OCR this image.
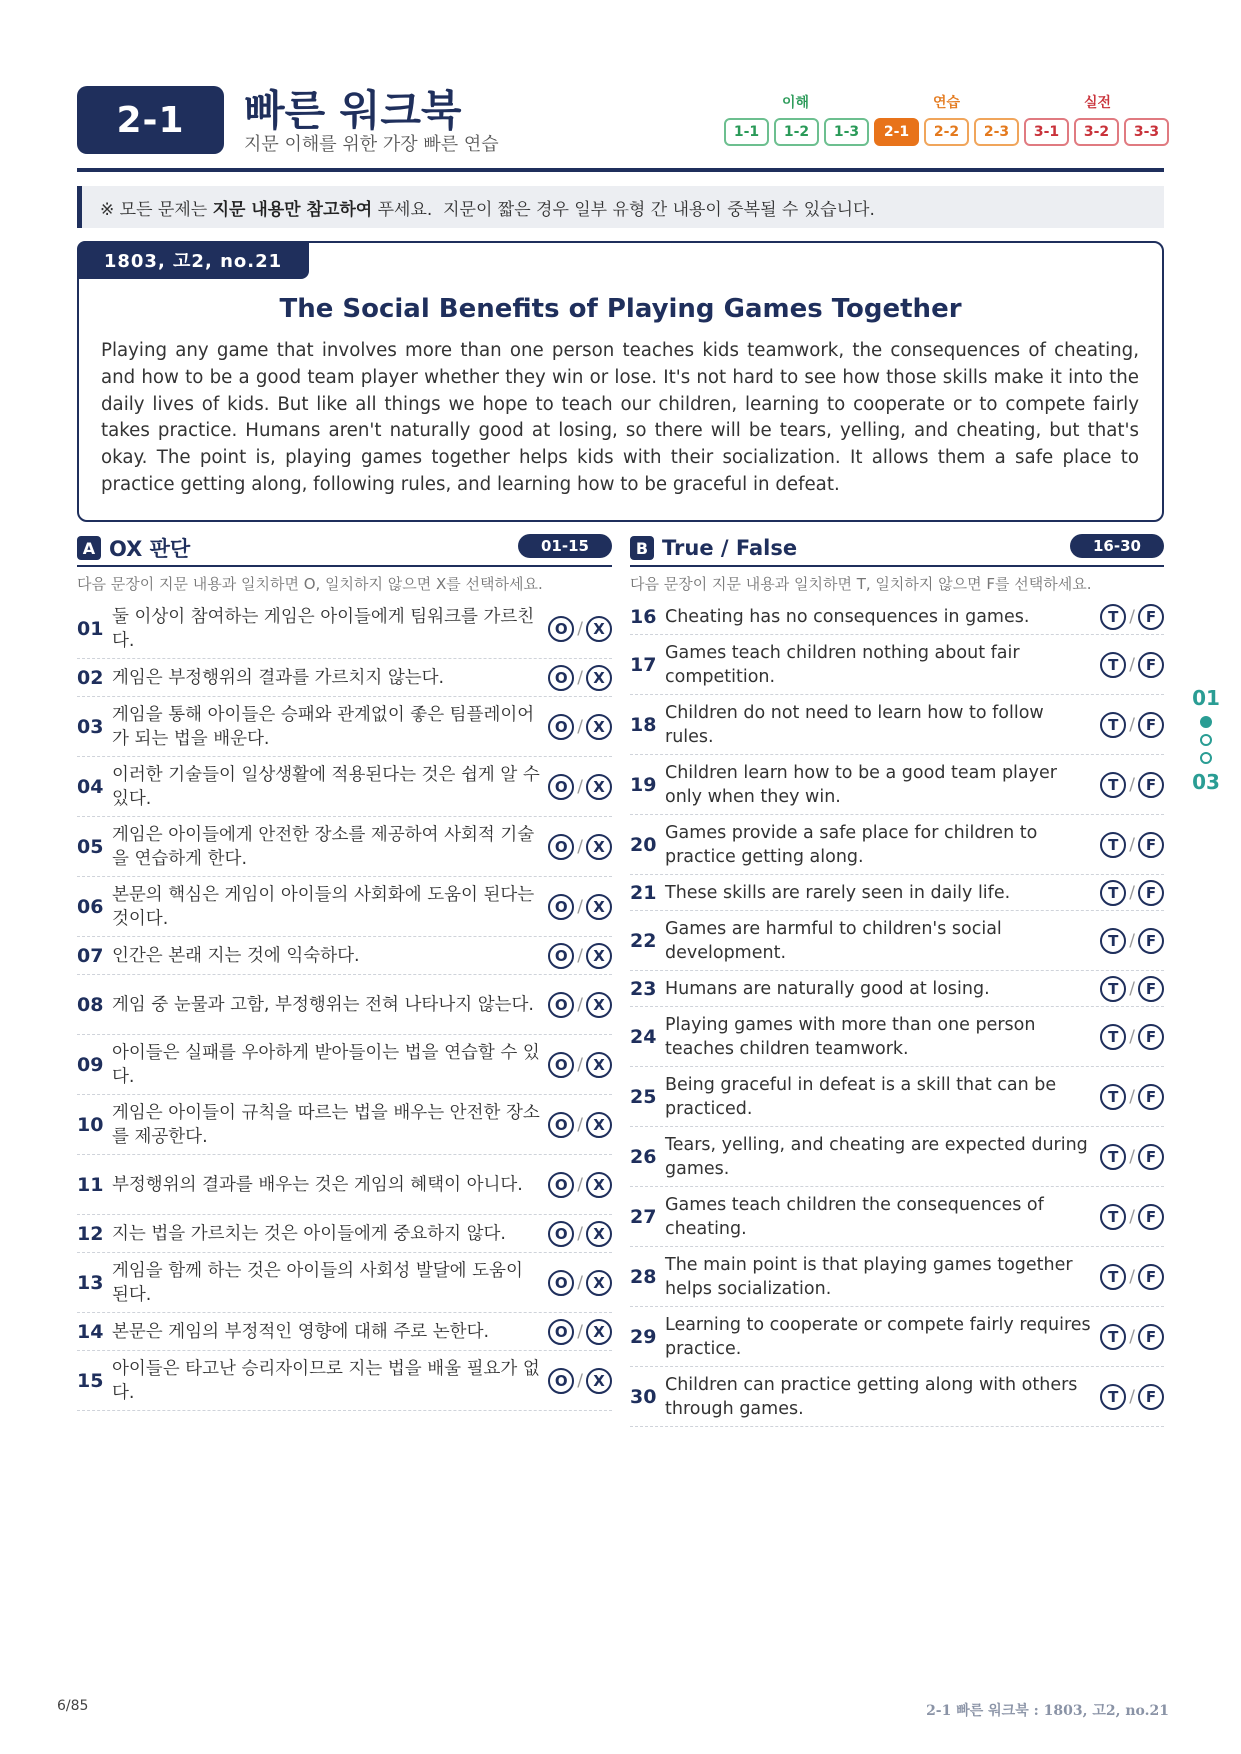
2-1	빠른 워크북
지문 이해를 위한 가장 빠른 연습
이해	연습	실전
1-1	1-2	1-3	2-1	2-2	2-3	3-1	3-2	3-3
※ 모든 문제는 지문 내용만 참고하여 푸세요.  지문이 짧은 경우 일부 유형 간 내용이 중복될 수 있습니다.
1803, 고2, no.21
The Social Benefits of Playing Games Together
Playing any game that involves more than one person teaches kids teamwork, the consequences of cheating, and how to be a good team player whether they win or lose. It's not hard to see how those skills make it into the daily lives of kids. But like all things we hope to teach our children, learning to cooperate or to compete fairly takes practice. Humans aren't naturally good at losing, so there will be tears, yelling, and cheating, but that's okay. The point is, playing games together helps kids with their socialization. It allows them a safe place to practice getting along, following rules, and learning how to be graceful in defeat.
A OX 판단	01-15
다음 문장이 지문 내용과 일치하면 O, 일치하지 않으면 X를 선택하세요.
B True / False	16-30
다음 문장이 지문 내용과 일치하면 T, 일치하지 않으면 F를 선택하세요.
01
둘 이상이 참여하는 게임은 아이들에게 팀워크를 가르친다.
O / X
02 게임은 부정행위의 결과를 가르치지 않는다.	O / X
03
게임을 통해 아이들은 승패와 관계없이 좋은 팀플레이어가 되는 법을 배운다.
O / X
04
이러한 기술들이 일상생활에 적용된다는 것은 쉽게 알 수 있다.
O / X
05
게임은 아이들에게 안전한 장소를 제공하여 사회적 기술을 연습하게 한다.
O / X
06
본문의 핵심은 게임이 아이들의 사회화에 도움이 된다는 것이다.
O / X
07 인간은 본래 지는 것에 익숙하다.	O / X
08 게임 중 눈물과 고함, 부정행위는 전혀 나타나지 않는다.	O / X
09
아이들은 실패를 우아하게 받아들이는 법을 연습할 수 있다.
O / X
10
게임은 아이들이 규칙을 따르는 법을 배우는 안전한 장소를 제공한다.
O / X
11 부정행위의 결과를 배우는 것은 게임의 혜택이 아니다.	O / X
12 지는 법을 가르치는 것은 아이들에게 중요하지 않다.	O / X
13
게임을 함께 하는 것은 아이들의 사회성 발달에 도움이 된다.
O / X
14 본문은 게임의 부정적인 영향에 대해 주로 논한다.	O / X
15
아이들은 타고난 승리자이므로 지는 법을 배울 필요가 없다.
O / X
16 Cheating has no consequences in games.	T / F
17
Games teach children nothing about fair competition.
T / F
18
Children do not need to learn how to follow rules.
T / F
19
Children learn how to be a good team player only when they win.
T / F
20
Games provide a safe place for children to practice getting along.
T / F
21 These skills are rarely seen in daily life.	T / F
22
Games are harmful to children's social development.
T / F
23 Humans are naturally good at losing.	T / F
24
Playing games with more than one person teaches children teamwork.
T / F
25
Being graceful in defeat is a skill that can be practiced.
T / F
26
Tears, yelling, and cheating are expected during games.
T / F
27
Games teach children the consequences of cheating.
T / F
28
The main point is that playing games together helps socialization.
T / F
29
Learning to cooperate or compete fairly requires practice.
T / F
30
Children can practice getting along with others through games.
T / F
01
03
6/85	2-1 빠른 워크북 : 1803, 고2, no.21
